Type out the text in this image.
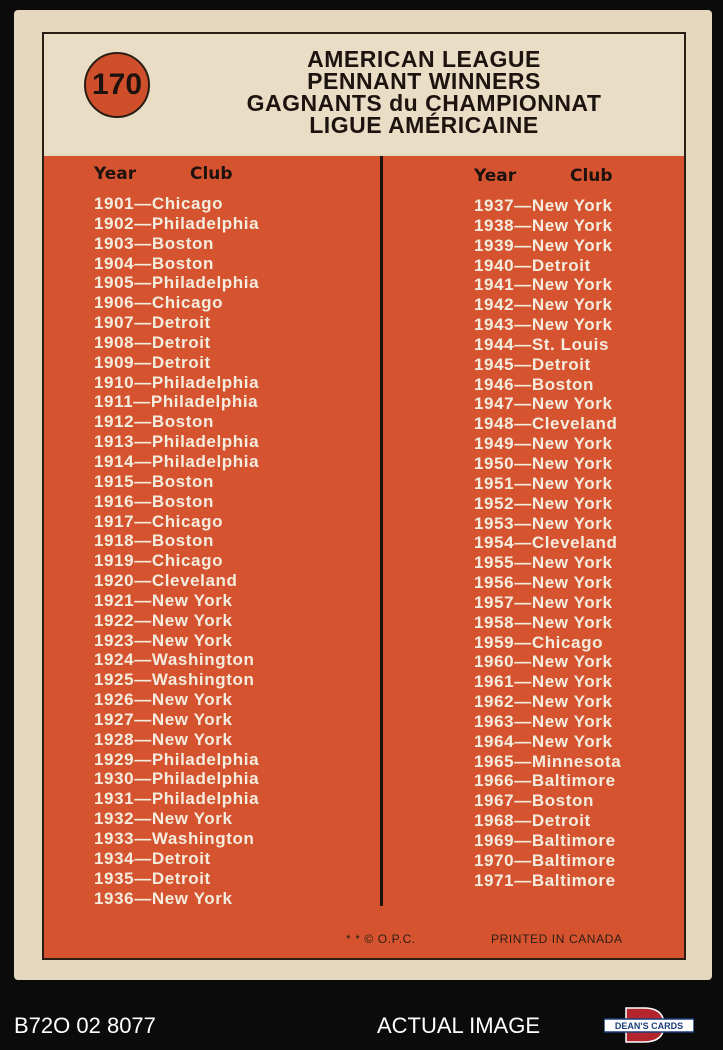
170
AMERICAN LEAGUE
PENNANT WINNERS
GAGNANTS du CHAMPIONNAT
LIGUE AMÉRICAINE
Year	Club
1901—Chicago
1902—Philadelphia
1903—Boston
1904—Boston
1905—Philadelphia
1906—Chicago
1907—Detroit
1908—Detroit
1909—Detroit
1910—Philadelphia
1911—Philadelphia
1912—Boston
1913—Philadelphia
1914—Philadelphia
1915—Boston
1916—Boston
1917—Chicago
1918—Boston
1919—Chicago
1920—Cleveland
1921—New York
1922—New York
1923—New York
1924—Washington
1925—Washington
1926—New York
1927—New York
1928—New York
1929—Philadelphia
1930—Philadelphia
1931—Philadelphia
1932—New York
1933—Washington
1934—Detroit
1935—Detroit
1936—New York
Year	Club
1937—New York
1938—New York
1939—New York
1940—Detroit
1941—New York
1942—New York
1943—New York
1944—St. Louis
1945—Detroit
1946—Boston
1947—New York
1948—Cleveland
1949—New York
1950—New York
1951—New York
1952—New York
1953—New York
1954—Cleveland
1955—New York
1956—New York
1957—New York
1958—New York
1959—Chicago
1960—New York
1961—New York
1962—New York
1963—New York
1964—New York
1965—Minnesota
1966—Baltimore
1967—Boston
1968—Detroit
1969—Baltimore
1970—Baltimore
1971—Baltimore
* * © O.P.C.	PRINTED IN CANADA
B72O 02 8077	ACTUAL IMAGE	DEAN'S CARDS
